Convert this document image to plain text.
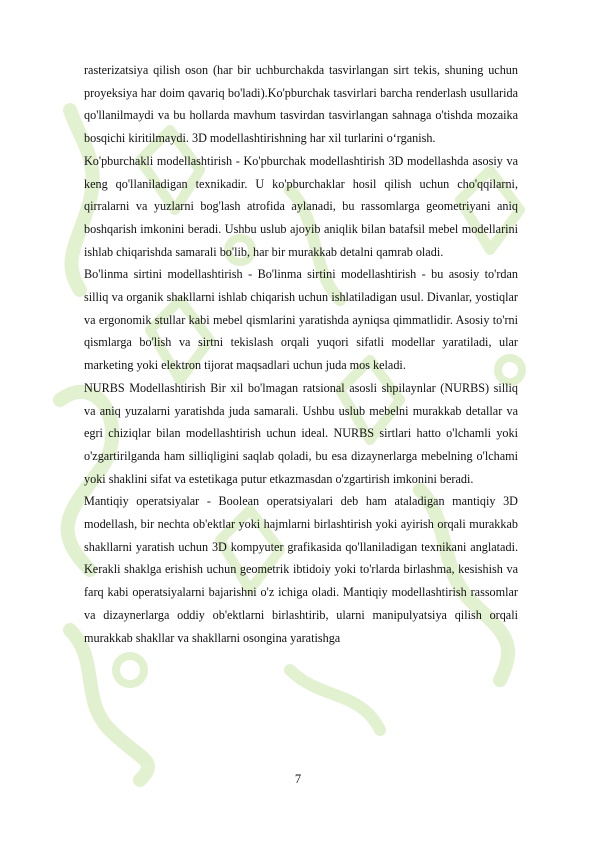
rasterizatsiya qilish oson (har bir uchburchakda tasvirlangan sirt tekis, shuning uchun proyeksiya har doim qavariq bo'ladi).Ko'pburchak tasvirlari barcha renderlash usullarida qo'llanilmaydi va bu hollarda mavhum tasvirdan tasvirlangan sahnaga o'tishda mozaika bosqichi kiritilmaydi. 3D modellashtirishning har xil turlarini o‘rganish.

Ko'pburchakli modellashtirish - Ko'pburchak modellashtirish 3D modellashda asosiy va keng qo'llaniladigan texnikadir. U ko'pburchaklar hosil qilish uchun cho'qqilarni, qirralarni va yuzlarni bog'lash atrofida aylanadi, bu rassomlarga geometriyani aniq boshqarish imkonini beradi. Ushbu uslub ajoyib aniqlik bilan batafsil mebel modellarini ishlab chiqarishda samarali bo'lib, har bir murakkab detalni qamrab oladi.

Bo'linma sirtini modellashtirish - Bo'linma sirtini modellashtirish - bu asosiy to'rdan silliq va organik shakllarni ishlab chiqarish uchun ishlatiladigan usul. Divanlar, yostiqlar va ergonomik stullar kabi mebel qismlarini yaratishda ayniqsa qimmatlidir. Asosiy to'rni qismlarga bo'lish va sirtni tekislash orqali yuqori sifatli modellar yaratiladi, ular marketing yoki elektron tijorat maqsadlari uchun juda mos keladi.

NURBS Modellashtirish Bir xil bo'lmagan ratsional asosli shpilaynlar (NURBS) silliq va aniq yuzalarni yaratishda juda samarali. Ushbu uslub mebelni murakkab detallar va egri chiziqlar bilan modellashtirish uchun ideal. NURBS sirtlari hatto o'lchamli yoki o'zgartirilganda ham silliqligini saqlab qoladi, bu esa dizaynerlarga mebelning o'lchami yoki shaklini sifat va estetikaga putur etkazmasdan o'zgartirish imkonini beradi.

Mantiqiy operatsiyalar - Boolean operatsiyalari deb ham ataladigan mantiqiy 3D modellash, bir nechta ob'ektlar yoki hajmlarni birlashtirish yoki ayirish orqali murakkab shakllarni yaratish uchun 3D kompyuter grafikasida qo'llaniladigan texnikani anglatadi. Kerakli shaklga erishish uchun geometrik ibtidoiy yoki to'rlarda birlashma, kesishish va farq kabi operatsiyalarni bajarishni o'z ichiga oladi. Mantiqiy modellashtirish rassomlar va dizaynerlarga oddiy ob'ektlarni birlashtirib, ularni manipulyatsiya qilish orqali murakkab shakllar va shakllarni osongina yaratishga

7
